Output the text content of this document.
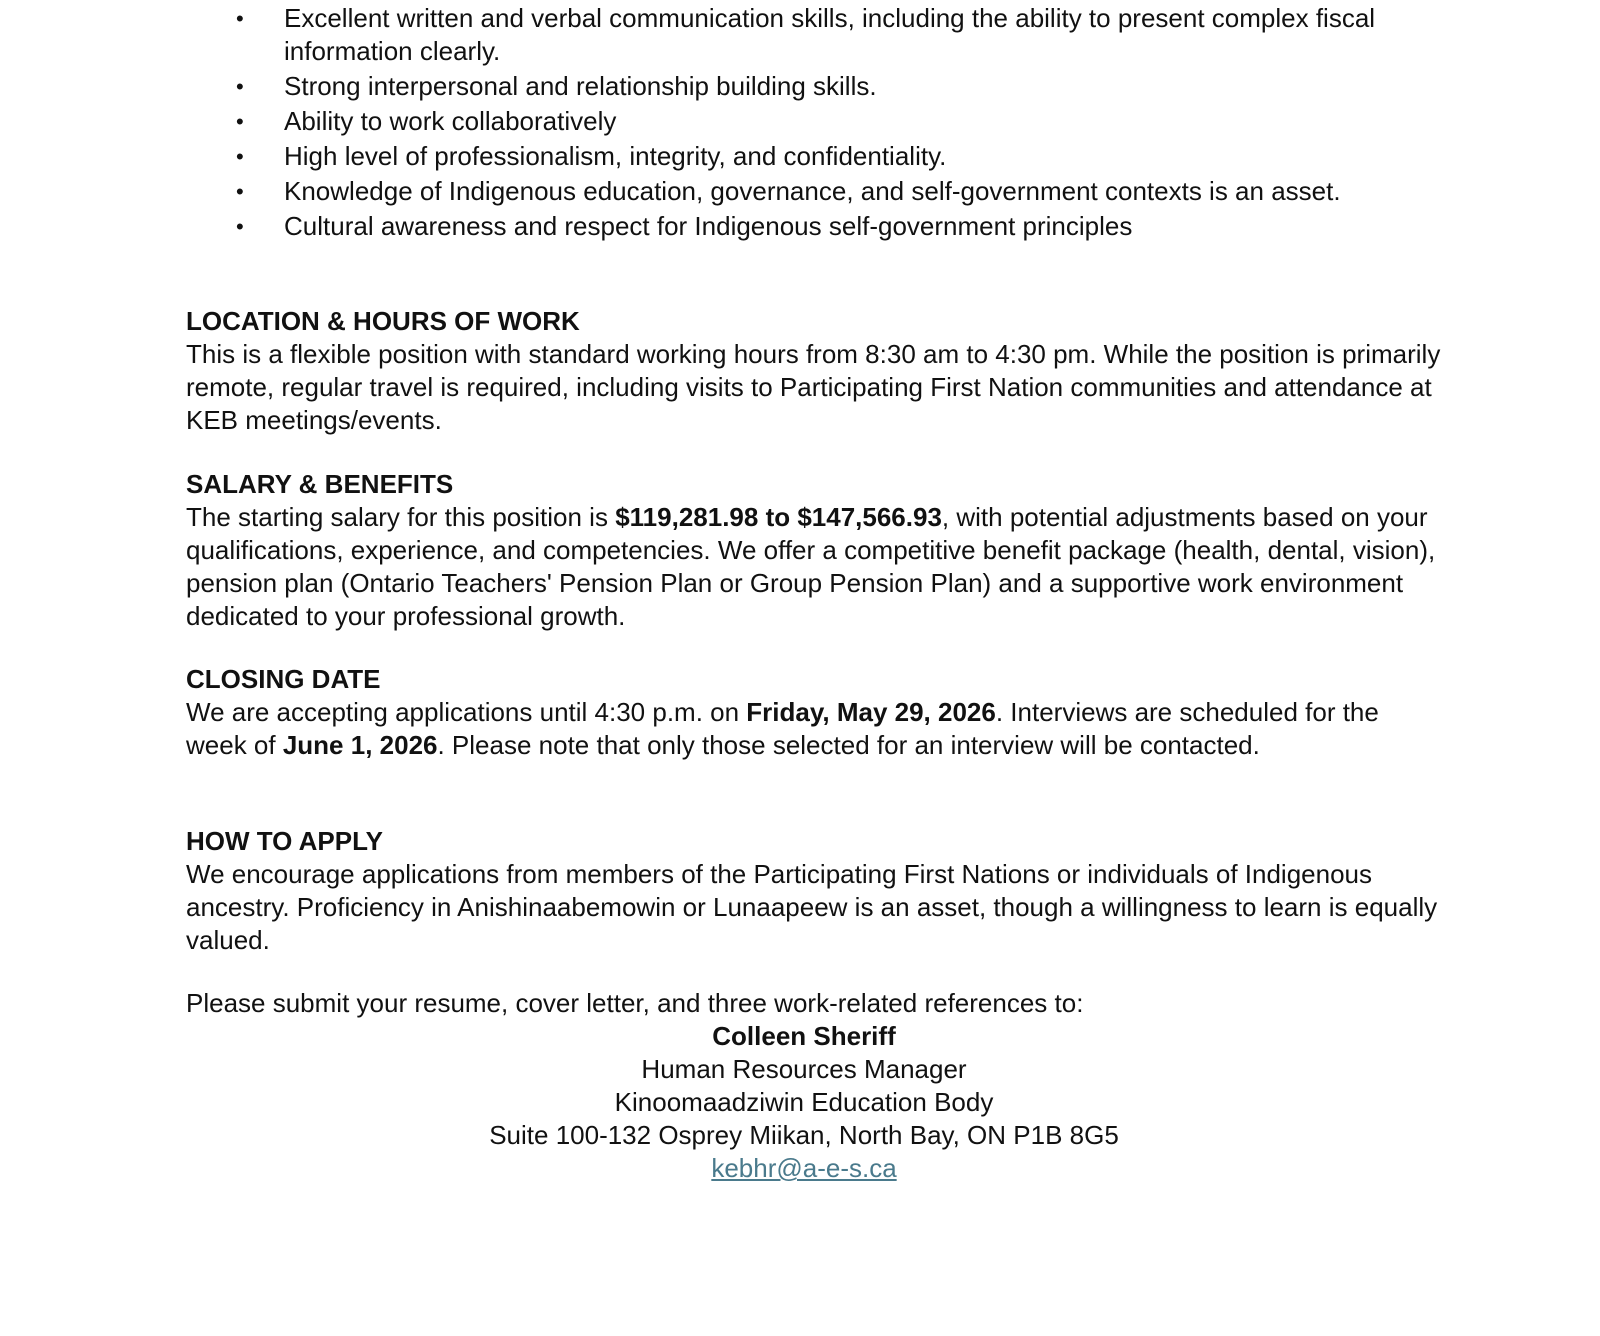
• Excellent written and verbal communication skills, including the ability to present complex fiscal information clearly.
• Strong interpersonal and relationship building skills.
• Ability to work collaboratively
• High level of professionalism, integrity, and confidentiality.
• Knowledge of Indigenous education, governance, and self-government contexts is an asset.
• Cultural awareness and respect for Indigenous self-government principles
LOCATION & HOURS OF WORK
This is a flexible position with standard working hours from 8:30 am to 4:30 pm. While the position is primarily remote, regular travel is required, including visits to Participating First Nation communities and attendance at KEB meetings/events.
SALARY & BENEFITS
The starting salary for this position is $119,281.98 to $147,566.93, with potential adjustments based on your qualifications, experience, and competencies. We offer a competitive benefit package (health, dental, vision), pension plan (Ontario Teachers' Pension Plan or Group Pension Plan) and a supportive work environment dedicated to your professional growth.
CLOSING DATE
We are accepting applications until 4:30 p.m. on Friday, May 29, 2026. Interviews are scheduled for the week of June 1, 2026. Please note that only those selected for an interview will be contacted.
HOW TO APPLY
We encourage applications from members of the Participating First Nations or individuals of Indigenous ancestry. Proficiency in Anishinaabemowin or Lunaapeew is an asset, though a willingness to learn is equally valued.
Please submit your resume, cover letter, and three work-related references to:
Colleen Sheriff
Human Resources Manager
Kinoomaadziwin Education Body
Suite 100-132 Osprey Miikan, North Bay, ON P1B 8G5
kebhr@a-e-s.ca
